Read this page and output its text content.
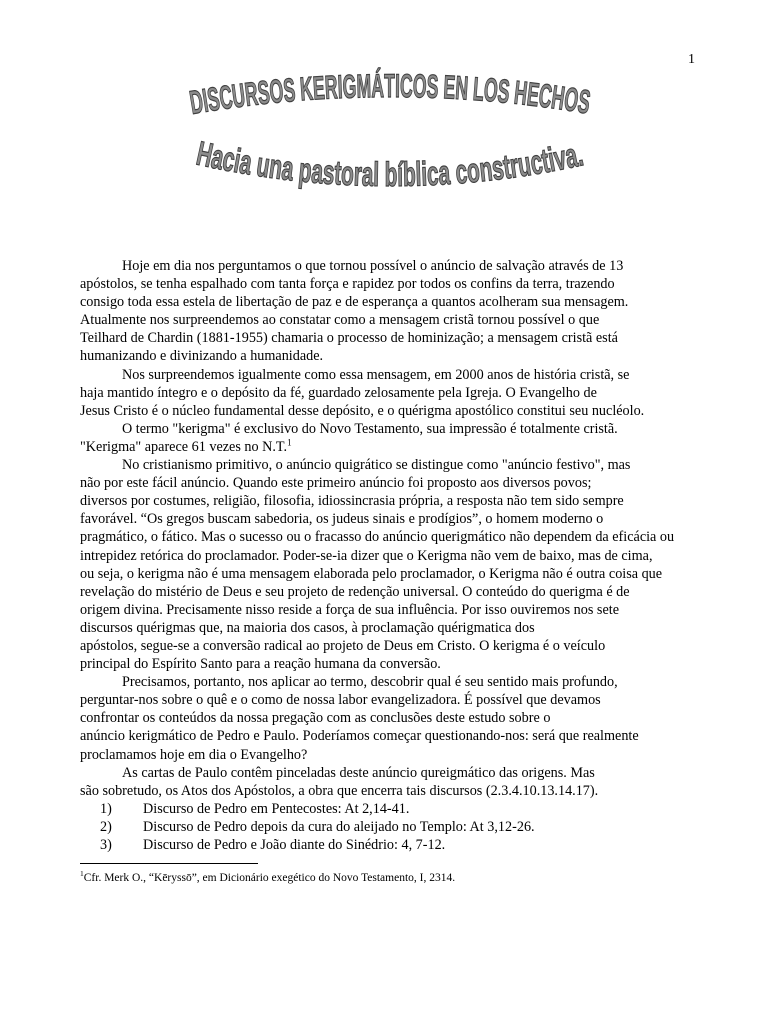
1
DISCURSOS KERIGMÁTICOS EN LOS HECHOS
Hacia una pastoral bíblica constructiva.
Hoje em dia nos perguntamos o que tornou possível o anúncio de salvação através de 13
apóstolos, se tenha espalhado com tanta força e rapidez por todos os confins da terra, trazendo
consigo toda essa estela de libertação de paz e de esperança a quantos acolheram sua mensagem.
Atualmente nos surpreendemos ao constatar como a mensagem cristã tornou possível o que
Teilhard de Chardin (1881-1955) chamaria o processo de hominização; a mensagem cristã está
humanizando e divinizando a humanidade.
Nos surpreendemos igualmente como essa mensagem, em 2000 anos de história cristã, se
haja mantido íntegro e o depósito da fé, guardado zelosamente pela Igreja. O Evangelho de
Jesus Cristo é o núcleo fundamental desse depósito, e o quérigma apostólico constitui seu nucléolo.
O termo "kerigma" é exclusivo do Novo Testamento, sua impressão é totalmente cristã.
"Kerigma" aparece 61 vezes no N.T.$^1$
No cristianismo primitivo, o anúncio quigrático se distingue como "anúncio festivo", mas
não por este fácil anúncio. Quando este primeiro anúncio foi proposto aos diversos povos;
diversos por costumes, religião, filosofia, idiossincrasia própria, a resposta não tem sido sempre
favorável. “Os gregos buscam sabedoria, os judeus sinais e prodígios”, o homem moderno o
pragmático, o fático. Mas o sucesso ou o fracasso do anúncio querigmático não dependem da eficácia ou
intrepidez retórica do proclamador. Poder-se-ia dizer que o Kerigma não vem de baixo, mas de cima,
ou seja, o kerigma não é uma mensagem elaborada pelo proclamador, o Kerigma não é outra coisa que
revelação do mistério de Deus e seu projeto de redenção universal. O conteúdo do querigma é de
origem divina. Precisamente nisso reside a força de sua influência. Por isso ouviremos nos sete
discursos quérigmas que, na maioria dos casos, à proclamação quérigmatica dos
apóstolos, segue-se a conversão radical ao projeto de Deus em Cristo. O kerigma é o veículo
principal do Espírito Santo para a reação humana da conversão.
Precisamos, portanto, nos aplicar ao termo, descobrir qual é seu sentido mais profundo,
perguntar-nos sobre o quê e o como de nossa labor evangelizadora. É possível que devamos
confrontar os conteúdos da nossa pregação com as conclusões deste estudo sobre o
anúncio kerigmático de Pedro e Paulo. Poderíamos começar questionando-nos: será que realmente
proclamamos hoje em dia o Evangelho?
As cartas de Paulo contêm pinceladas deste anúncio qureigmático das origens. Mas
são sobretudo, os Atos dos Apóstolos, a obra que encerra tais discursos (2.3.4.10.13.14.17).
1) Discurso de Pedro em Pentecostes: At 2,14-41.
2) Discurso de Pedro depois da cura do aleijado no Templo: At 3,12-26.
3) Discurso de Pedro e João diante do Sinédrio: 4, 7-12.
$^1$Cfr. Merk O., “Kēryssō”, em Dicionário exegético do Novo Testamento, I, 2314.
